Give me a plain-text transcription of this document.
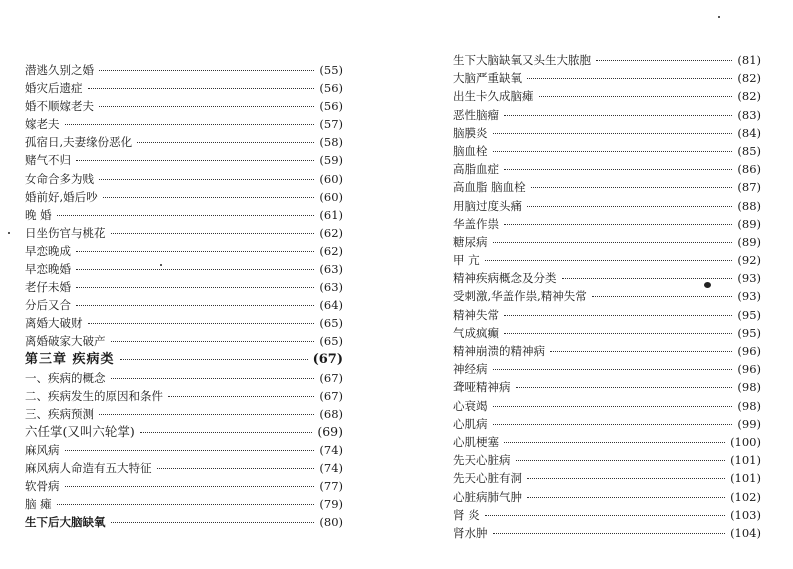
潜逃久别之婚	(55)
婚灾后遗症	(56)
婚不顺嫁老夫	(56)
嫁老夫	(57)
孤宿日,夫妻缘份恶化	(58)
赌气不归	(59)
女命合多为贱	(60)
婚前好,婚后吵	(60)
晚 婚	(61)
日坐伤官与桃花	(62)
早恋晚成	(62)
早恋晚婚	(63)
老仔未婚	(63)
分后又合	(64)
离婚大破财	(65)
离婚破家大破产	(65)
第三章 疾病类	(67)
一、疾病的概念	(67)
二、疾病发生的原因和条件	(67)
三、疾病预测	(68)
六任掌(又叫六轮掌)	(69)
麻风病	(74)
麻风病人命造有五大特征	(74)
软骨病	(77)
脑 瘫	(79)
生下后大脑缺氧	(80)
生下大脑缺氧又头生大脓胞	(81)
大脑严重缺氧	(82)
出生卡久成脑瘫	(82)
恶性脑瘤	(83)
脑膜炎	(84)
脑血栓	(85)
高脂血症	(86)
高血脂 脑血栓	(87)
用脑过度头痛	(88)
华盖作祟	(89)
糖尿病	(89)
甲 亢	(92)
精神疾病概念及分类	(93)
受刺激,华盖作祟,精神失常	(93)
精神失常	(95)
气成疯癫	(95)
精神崩溃的精神病	(96)
神经病	(96)
聋哑精神病	(98)
心衰竭	(98)
心肌病	(99)
心肌梗塞	(100)
先天心脏病	(101)
先天心脏有洞	(101)
心脏病肺气肿	(102)
肾 炎	(103)
肾水肿	(104)
